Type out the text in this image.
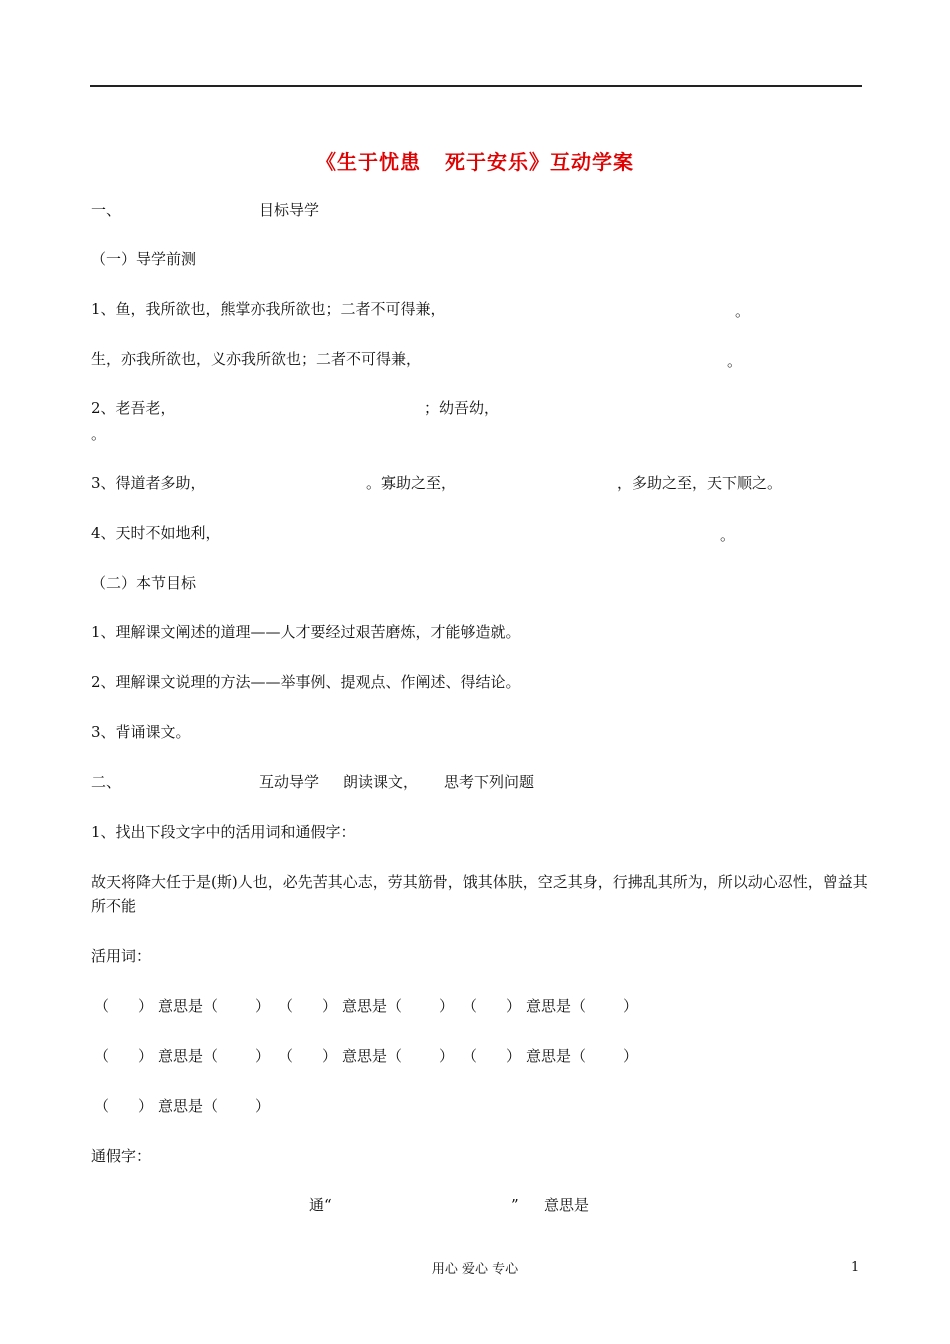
《生于忧患 死于安乐》互动学案
一、	目标导学
（一）导学前测
1、鱼，我所欲也，熊掌亦我所欲也；二者不可得兼，	。
生，亦我所欲也，义亦我所欲也；二者不可得兼，	。
2、老吾老，	；幼吾幼，
。
3、得道者多助，	。寡助之至，	，多助之至，天下顺之。
4、天时不如地利，	。
（二）本节目标
1、理解课文阐述的道理——人才要经过艰苦磨炼，才能够造就。
2、理解课文说理的方法——举事例、提观点、作阐述、得结论。
3、背诵课文。
二、	互动导学 朗读课文， 思考下列问题
1、找出下段文字中的活用词和通假字：
故天将降大任于是(斯)人也，必先苦其心志，劳其筋骨，饿其体肤，空乏其身，行拂乱其所为，所以动心忍性，曾益其所不能
活用词：
（ ） 意思是（ ） （ ） 意思是（ ） （ ） 意思是（ ）
（ ） 意思是（ ） （ ） 意思是（ ） （ ） 意思是（ ）
（ ） 意思是（ ）
通假字：
通“	” 意思是
用心 爱心 专心	1
